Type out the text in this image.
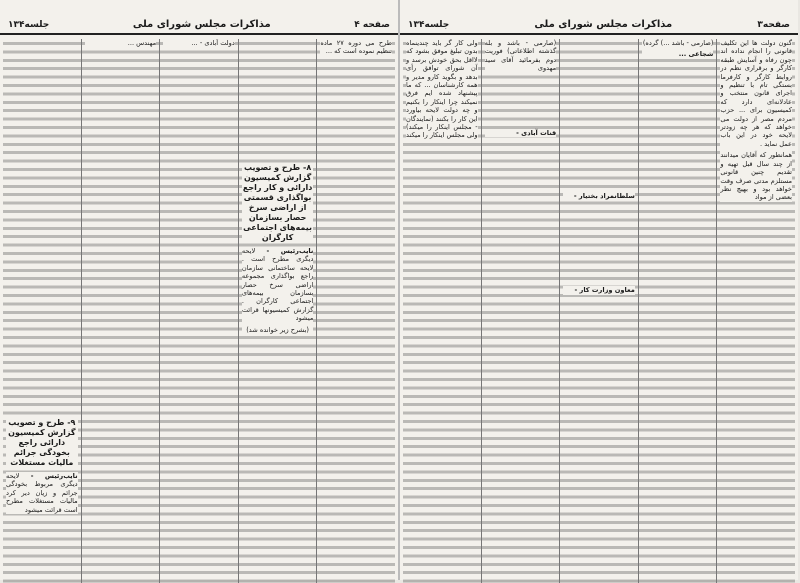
صفحه ۴
مذاکرات مجلس شورای ملی
جلسه۱۳۴

طرح می دوره ۲۷ ماده تنظیم نموده است که ...

۸- طرح و تصویب گزارش کمیسیون دارائی و کار راجع بواگذاری قسمتی از اراضی سرخ حصار بسازمان بیمه‌های اجتماعی کارگران

نایب‌رئیس - لایحه دیگری مطرح است . لایحه ساختمانی سازمان راجع بواگذاری مجموعه اراضی سرخ حصار بسازمان بیمه‌های اجتماعی کارگران . گزارش کمیسیونها قرائت میشود

(بشرح زیر خوانده شد)

دولت آبادی - ...

مهندس ...

۹- طرح و تصویب گزارش کمیسیون دارائی راجع بخودگی جرائم مالیات مستغلات

نایب‌رئیس - لایحه دیگری مربوط بخودگی جرائم و زیان دیر کرد مالیات مستغلات مطرح است قرائت میشود

صفحه۳
مذاکرات مجلس شورای ملی
جلسه۱۳۴

گنون دولت ها این تکلیف قانونی را انجام نداده اند چون رفاه و آسایش طبقه کارگر و برقراری نظم در روابط کارگر و کارفرما بستگی تام با تنظیم و اجرای قانون منتخب و عادلانه‌ای دارد که کمیسیون برای ... حزب مردم مصر از دولت می خواهد که هر چه زودتر لایحه خود در این باب عمل نماید .

همانطور که آقایان میدانند از چند سال قبل تهیه و تقدیم چنین قانونی مستلزم مدتی صرف وقت خواهد بود و بهیچ نظر بعضی از مواد

(صارمی - باشد ...) گرده)

شجاعی ...

سلطانمراد بختیار -

معاون وزارت کار -

(صارمی - باشد و بله گذشته اطلاعاتی) فوریت دوم بفرمائید آقای سید مهدوی

قنات آبادی -

ولی کار گر باید چندینماه بدون تبلیغ موفق بشود که لااقل بحق خودش برسد و آن شورای توافق رأی بدهد و بگوید کارو مدیر و همه کارشناسان ... که ما پیشنهاد شده ایم فرق نمیکند چرا اینکار را بکنیم و چه دولت لایحه بیاورد این کار را بکنند (نمایندگان - مجلس اینکار را میکند) ولی مجلس اینکار را میکند
